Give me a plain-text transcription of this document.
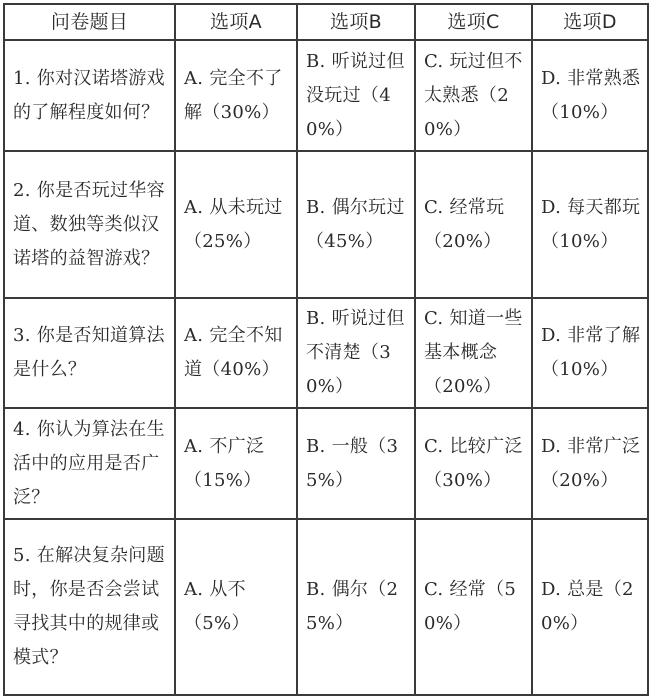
问卷题目	选项A	选项B	选项C	选项D
1. 你对汉诺塔游戏的了解程度如何？	A. 完全不了解（30%）	B. 听说过但没玩过（40%）	C. 玩过但不太熟悉（20%）	D. 非常熟悉（10%）
2. 你是否玩过华容道、数独等类似汉诺塔的益智游戏？	A. 从未玩过（25%）	B. 偶尔玩过（45%）	C. 经常玩（20%）	D. 每天都玩（10%）
3. 你是否知道算法是什么？	A. 完全不知道（40%）	B. 听说过但不清楚（30%）	C. 知道一些基本概念（20%）	D. 非常了解（10%）
4. 你认为算法在生活中的应用是否广泛？	A. 不广泛（15%）	B. 一般（35%）	C. 比较广泛（30%）	D. 非常广泛（20%）
5. 在解决复杂问题时，你是否会尝试寻找其中的规律或模式？	A. 从不（5%）	B. 偶尔（25%）	C. 经常（50%）	D. 总是（20%）
